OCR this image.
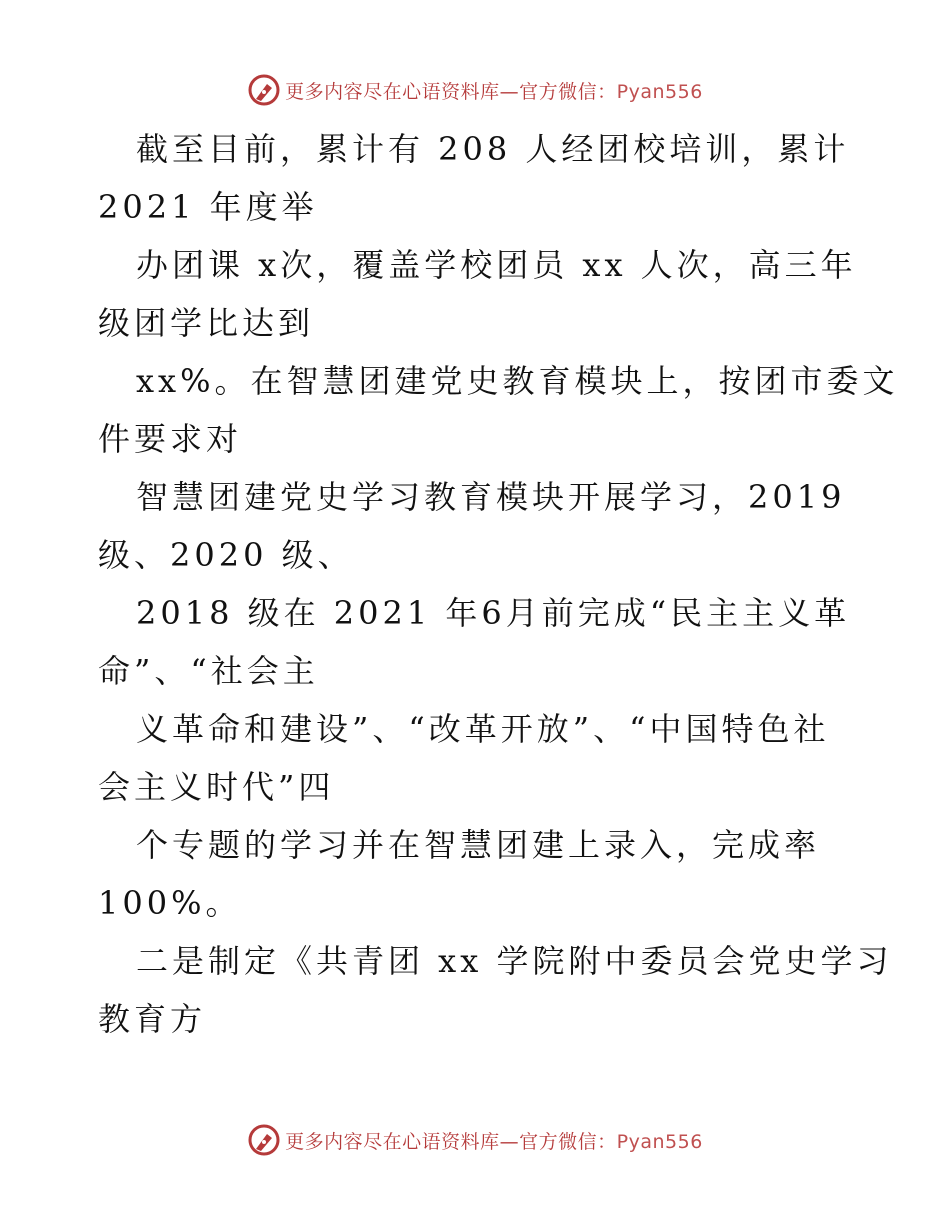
更多内容尽在心语资料库—官方微信：Pyan556
截至目前，累计有 208 人经团校培训，累计
2021 年度举
办团课 x次，覆盖学校团员 xx 人次，高三年
级团学比达到
xx%。在智慧团建党史教育模块上，按团市委文
件要求对
智慧团建党史学习教育模块开展学习，2019
级、2020 级、
2018 级在 2021 年6月前完成“民主主义革
命”、“社会主
义革命和建设”、“改革开放”、“中国特色社
会主义时代”四
个专题的学习并在智慧团建上录入，完成率
100%。
二是制定《共青团 xx 学院附中委员会党史学习
教育方
更多内容尽在心语资料库—官方微信：Pyan556
